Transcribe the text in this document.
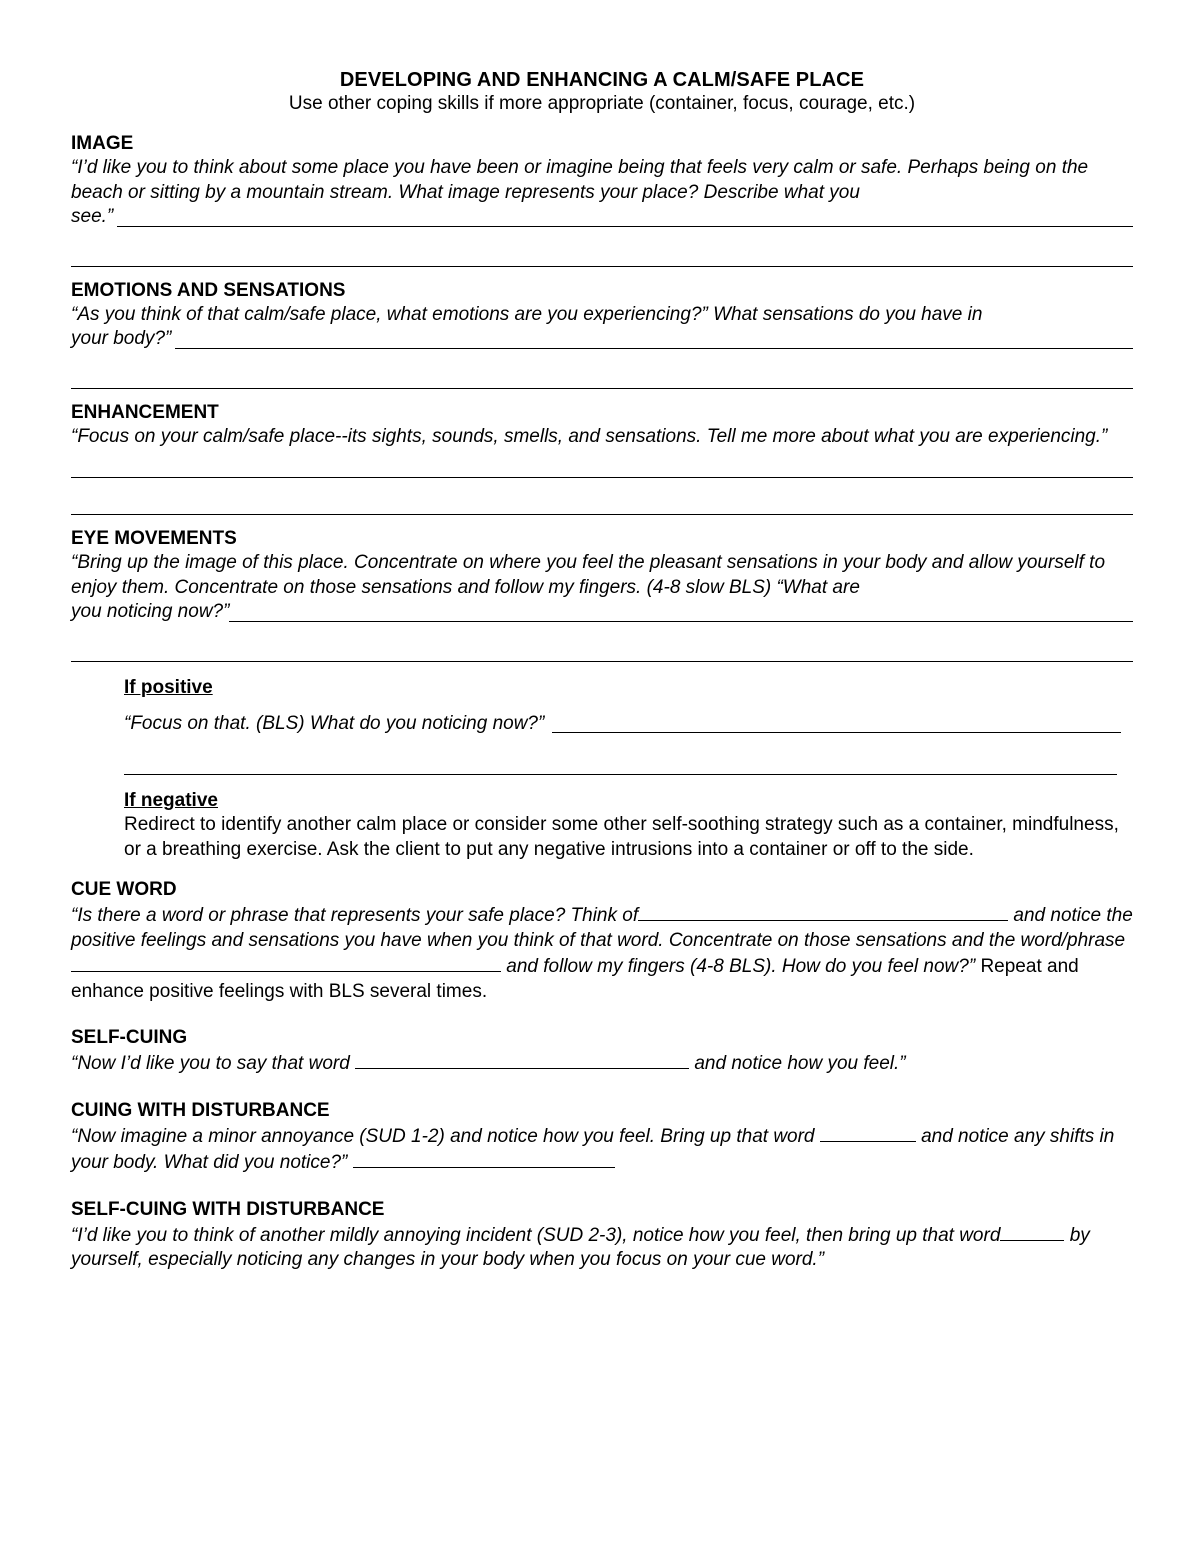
DEVELOPING AND ENHANCING A CALM/SAFE PLACE

Use other coping skills if more appropriate (container, focus, courage, etc.)

IMAGE

“I’d like you to think about some place you have been or imagine being that feels very calm or safe. Perhaps being on the beach or sitting by a mountain stream. What image represents your place? Describe what you

see.”

EMOTIONS AND SENSATIONS

“As you think of that calm/safe place, what emotions are you experiencing?” What sensations do you have in

your body?”

ENHANCEMENT

“Focus on your calm/safe place--its sights, sounds, smells, and sensations. Tell me more about what you are experiencing.”

EYE MOVEMENTS

“Bring up the image of this place. Concentrate on where you feel the pleasant sensations in your body and allow yourself to enjoy them. Concentrate on those sensations and follow my fingers. (4-8 slow BLS) “What are

you noticing now?”

If positive

“Focus on that. (BLS) What do you noticing now?”

If negative

Redirect to identify another calm place or consider some other self-soothing strategy such as a container, mindfulness, or a breathing exercise. Ask the client to put any negative intrusions into a container or off to the side.

CUE WORD

“Is there a word or phrase that represents your safe place? Think of	and notice the positive feelings and sensations you have when you think of that word. Concentrate on those sensations and the word/phrase  and follow my fingers (4-8 BLS). How do you feel now?” Repeat and enhance positive feelings with BLS several times.

SELF-CUING

“Now I’d like you to say that word	and notice how you feel.”

CUING WITH DISTURBANCE

“Now imagine a minor annoyance (SUD 1-2) and notice how you feel. Bring up that word	and notice any shifts in your body. What did you notice?”

SELF-CUING WITH DISTURBANCE

“I’d like you to think of another mildly annoying incident (SUD 2-3), notice how you feel, then bring up that word	by yourself, especially noticing any changes in your body when you focus on your cue word.”
